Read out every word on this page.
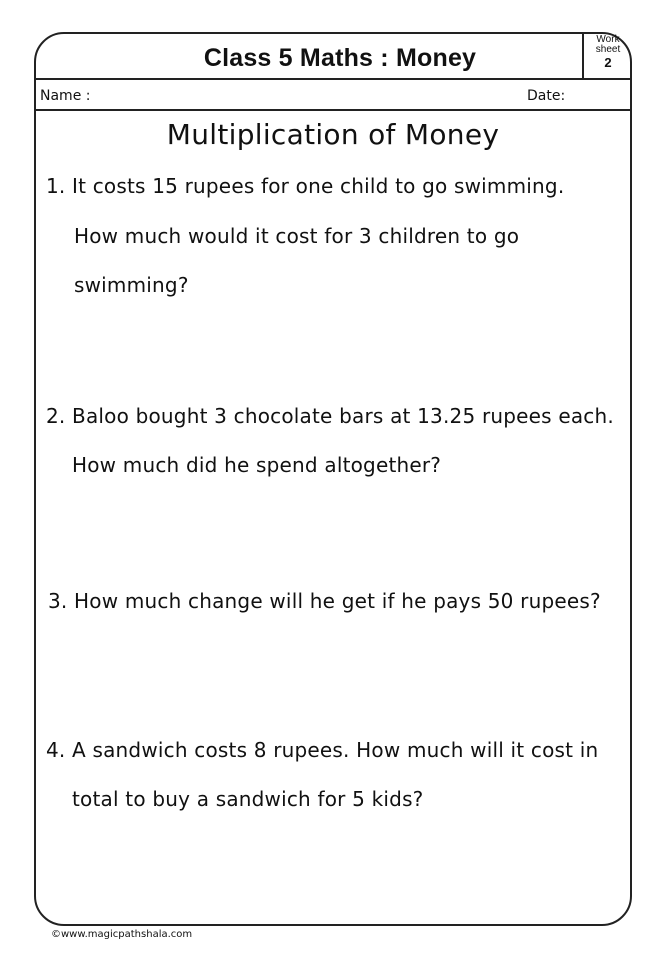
Class 5 Maths : Money
Work sheet
2
Name :	Date:
Multiplication of Money
1. It costs 15 rupees for one child to go swimming.
How much would it cost for 3 children to go
swimming?
2. Baloo bought 3 chocolate bars at 13.25 rupees each.
How much did he spend altogether?
3. How much change will he get if he pays 50 rupees?
4. A sandwich costs 8 rupees. How much will it cost in
total to buy a sandwich for 5 kids?
©www.magicpathshala.com
